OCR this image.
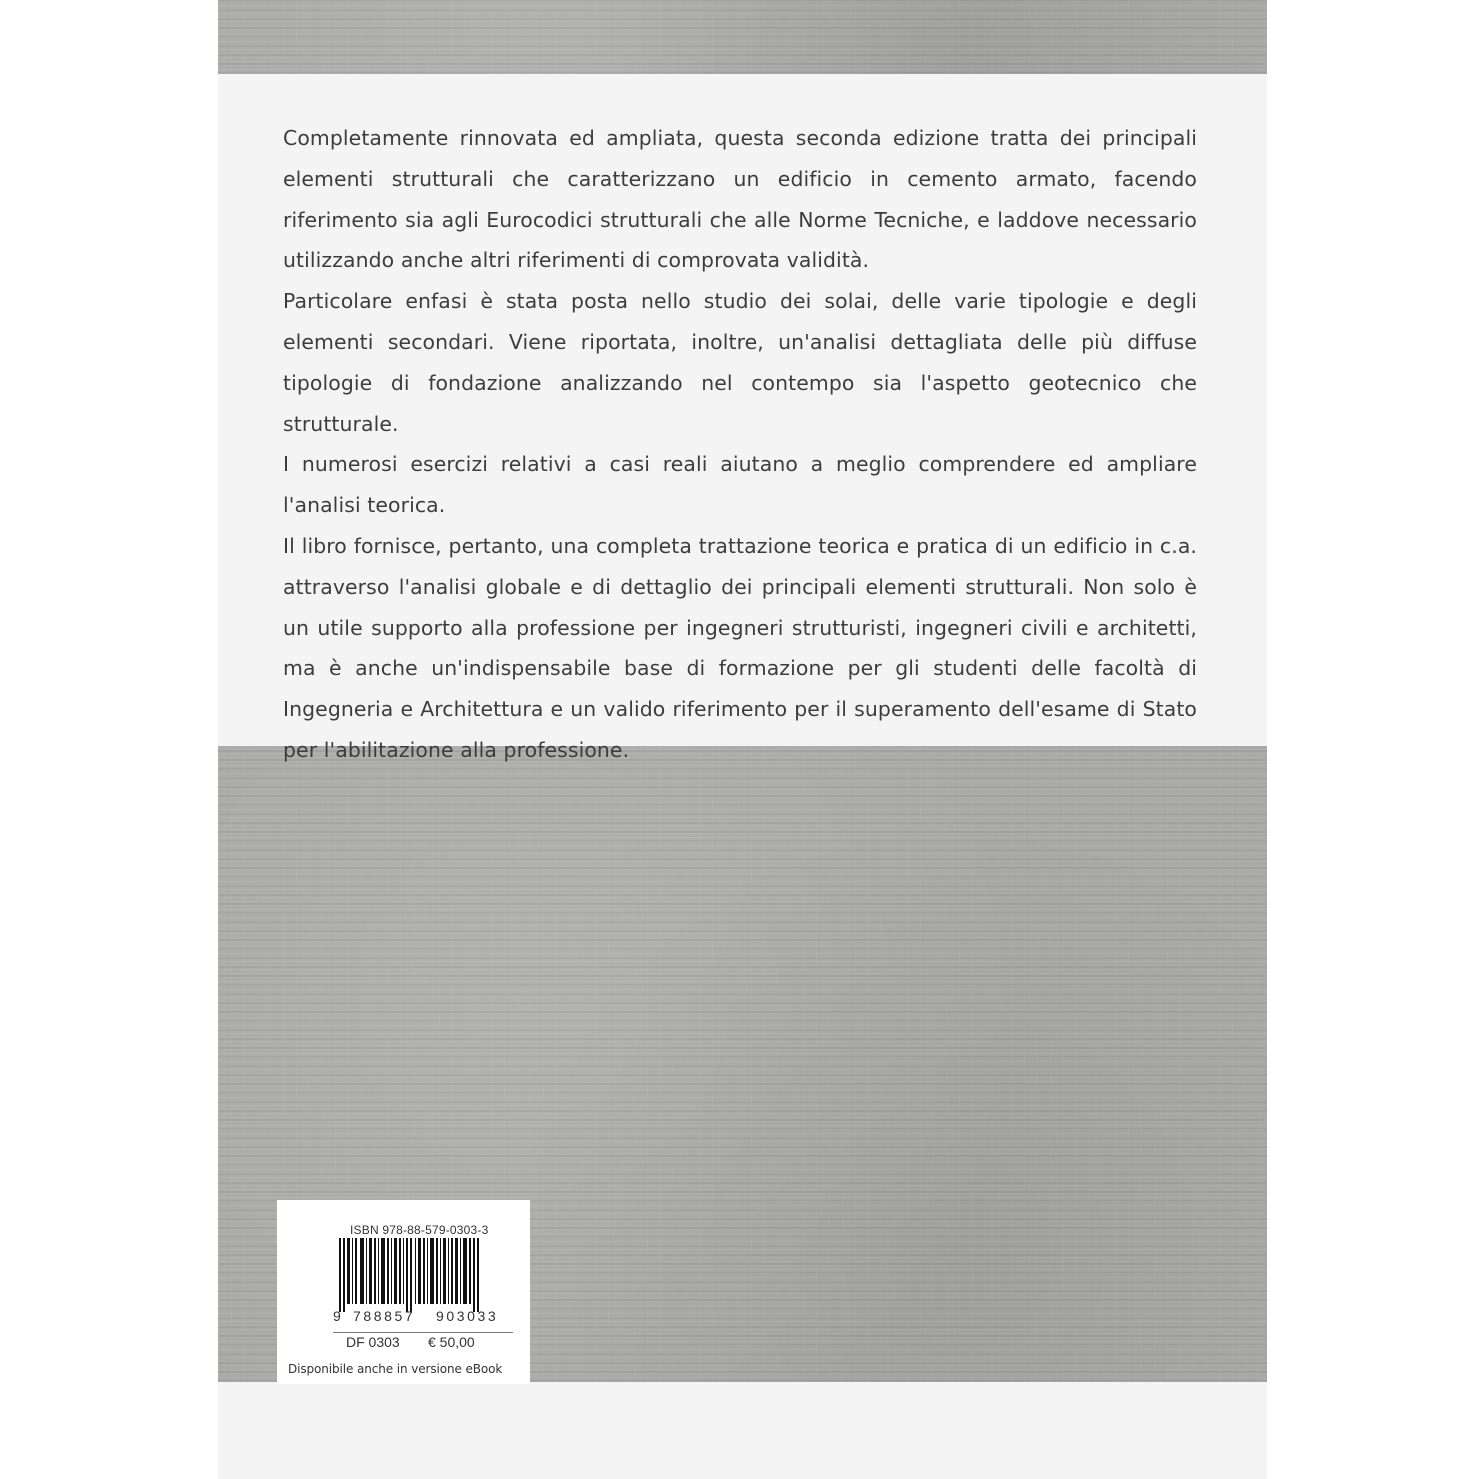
Completamente rinnovata ed ampliata, questa seconda edizione tratta dei principali elementi strutturali che caratterizzano un edificio in cemento armato, facendo riferimento sia agli Eurocodici strutturali che alle Norme Tecniche, e laddove necessario utilizzando anche altri riferimenti di comprovata validità.

Particolare enfasi è stata posta nello studio dei solai, delle varie tipologie e degli elementi secondari. Viene riportata, inoltre, un'analisi dettagliata delle più diffuse tipologie di fondazione analizzando nel contempo sia l'aspetto geotecnico che strutturale.

I numerosi esercizi relativi a casi reali aiutano a meglio comprendere ed ampliare l'analisi teorica.

Il libro fornisce, pertanto, una completa trattazione teorica e pratica di un edificio in c.a. attraverso l'analisi globale e di dettaglio dei principali elementi strutturali. Non solo è un utile supporto alla professione per ingegneri strutturisti, ingegneri civili e architetti, ma è anche un'indispensabile base di formazione per gli studenti delle facoltà di Ingegneria e Architettura e un valido riferimento per il superamento dell'esame di Stato per l'abilitazione alla professione.

ISBN 978-88-579-0303-3
9 788857 903033
DF 0303 € 50,00
Disponibile anche in versione eBook
